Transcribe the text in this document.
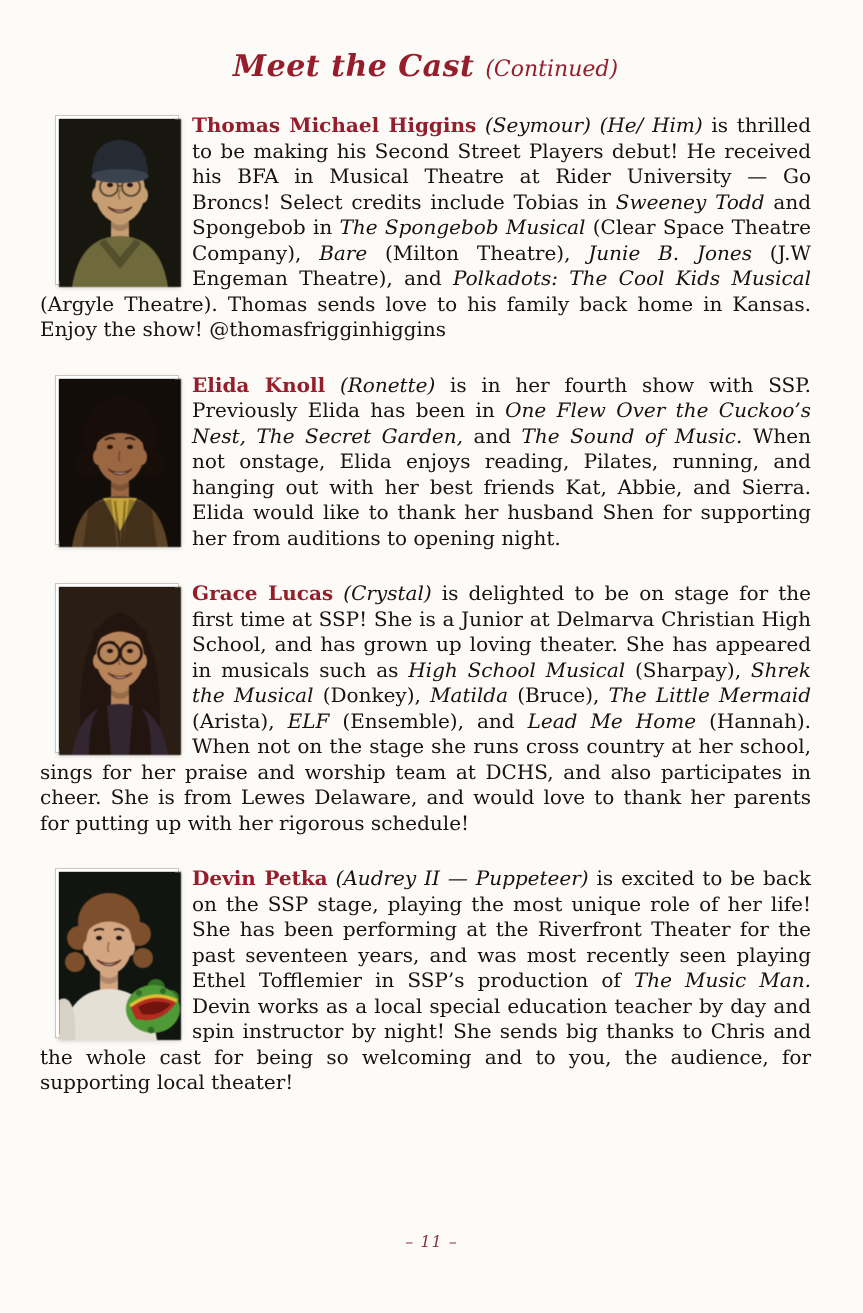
Meet the Cast (Continued)

Thomas Michael Higgins (Seymour) (He/ Him) is thrilled to be making his Second Street Players debut! He received his BFA in Musical Theatre at Rider University — Go Broncs! Select credits include Tobias in Sweeney Todd and Spongebob in The Spongebob Musical (Clear Space Theatre Company), Bare (Milton Theatre), Junie B. Jones (J.W Engeman Theatre), and Polkadots: The Cool Kids Musical (Argyle Theatre). Thomas sends love to his family back home in Kansas. Enjoy the show! @thomasfrigginhiggins

Elida Knoll (Ronette) is in her fourth show with SSP. Previously Elida has been in One Flew Over the Cuckoo’s Nest, The Secret Garden, and The Sound of Music. When not onstage, Elida enjoys reading, Pilates, running, and hanging out with her best friends Kat, Abbie, and Sierra. Elida would like to thank her husband Shen for supporting her from auditions to opening night.

Grace Lucas (Crystal) is delighted to be on stage for the first time at SSP! She is a Junior at Delmarva Christian High School, and has grown up loving theater. She has appeared in musicals such as High School Musical (Sharpay), Shrek the Musical (Donkey), Matilda (Bruce), The Little Mermaid (Arista), ELF (Ensemble), and Lead Me Home (Hannah). When not on the stage she runs cross country at her school, sings for her praise and worship team at DCHS, and also participates in cheer. She is from Lewes Delaware, and would love to thank her parents for putting up with her rigorous schedule!

Devin Petka (Audrey II — Puppeteer) is excited to be back on the SSP stage, playing the most unique role of her life! She has been performing at the Riverfront Theater for the past seventeen years, and was most recently seen playing Ethel Tofflemier in SSP’s production of The Music Man. Devin works as a local special education teacher by day and spin instructor by night! She sends big thanks to Chris and the whole cast for being so welcoming and to you, the audience, for supporting local theater!

– 11 –
